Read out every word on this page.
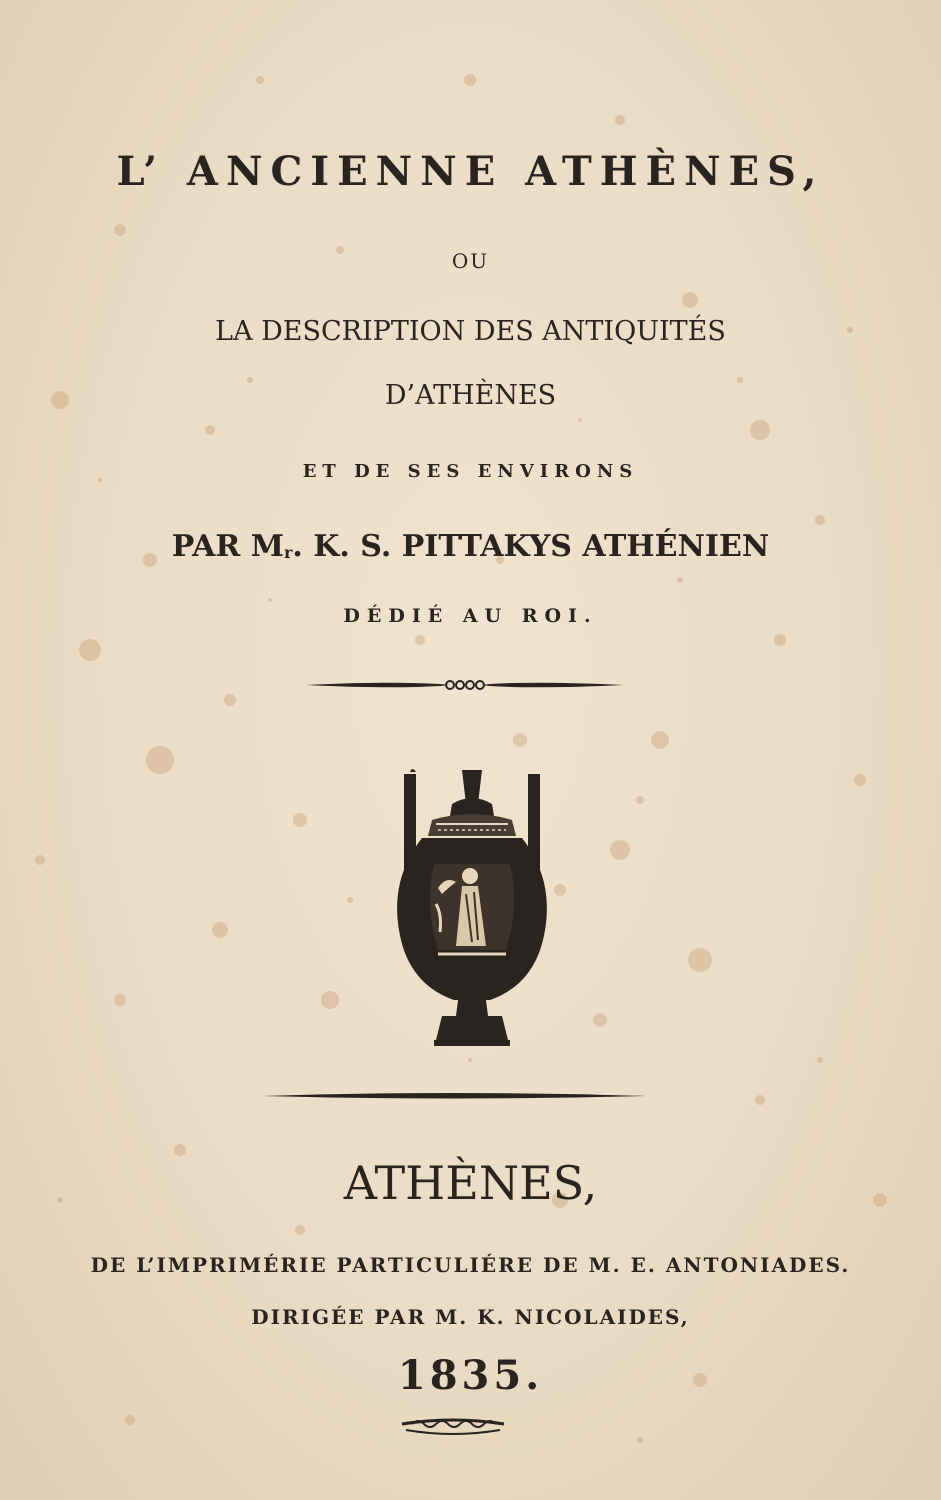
L’ ANCIENNE ATHÈNES,

OU

LA DESCRIPTION DES ANTIQUITÉS

D’ATHÈNES

ET DE SES ENVIRONS

PAR $M^r$. K. S. PITTAKYS ATHÉNIEN

DÉDIÉ AU ROI.

ATHÈNES,

DE L’IMPRIMÉRIE PARTICULIÉRE DE M. E. ANTONIADES.

DIRIGÉE PAR M. K. NICOLAIDES,

1835.
